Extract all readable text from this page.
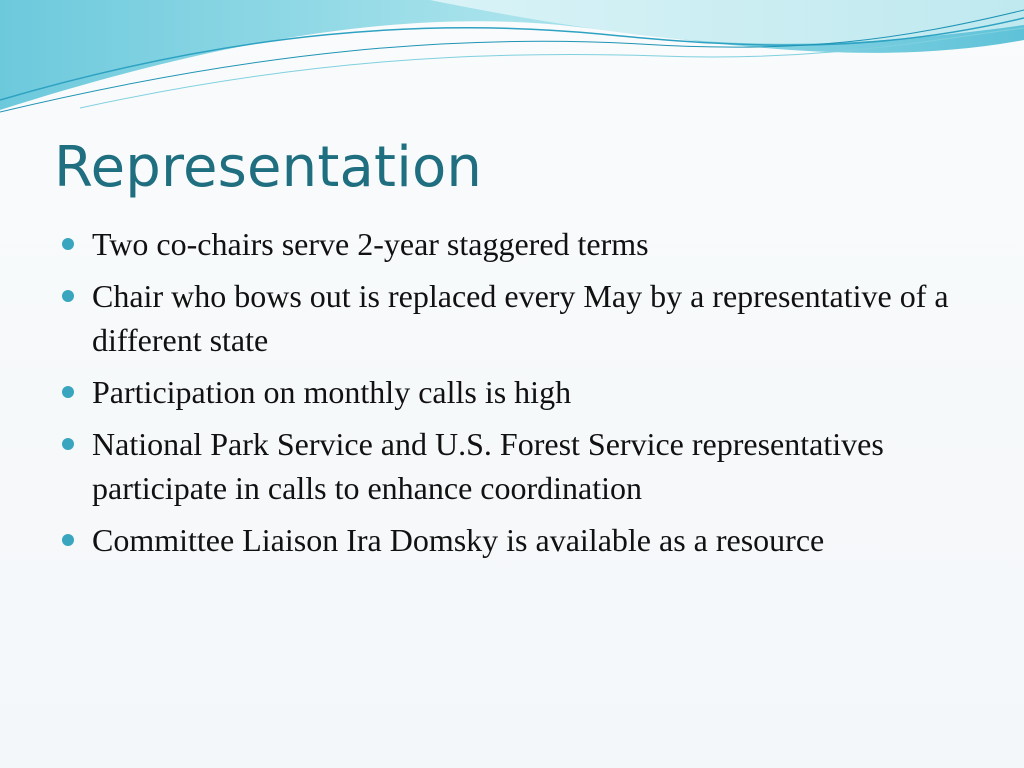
Representation
Two co-chairs serve 2-year staggered terms
Chair who bows out is replaced every May by a representative of a different state
Participation on monthly calls is high
National Park Service and U.S. Forest Service representatives participate in calls to enhance coordination
Committee Liaison Ira Domsky is available as a resource
